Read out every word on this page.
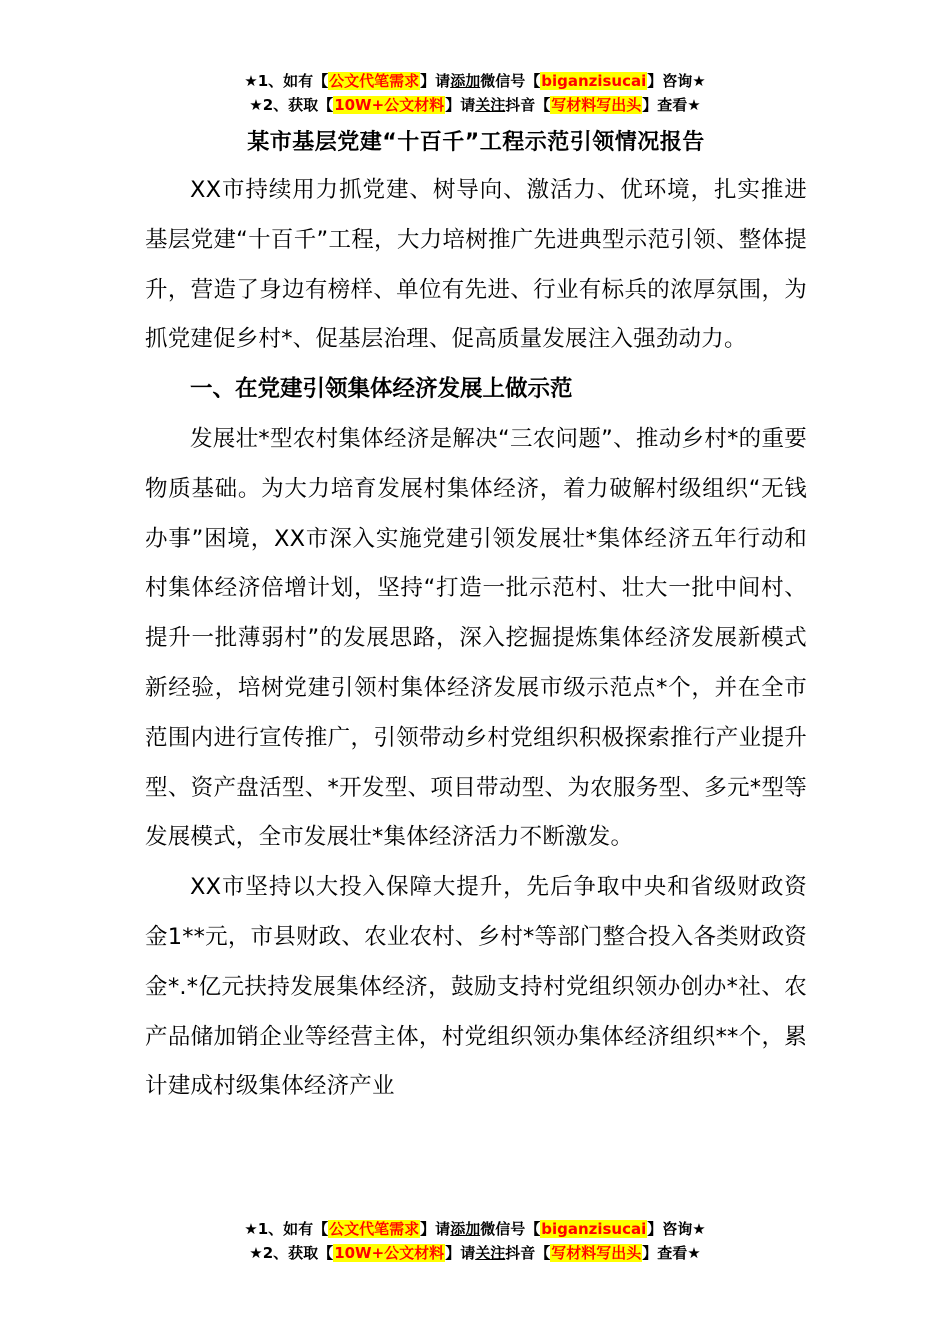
★1、如有【公文代笔需求】请添加微信号【biganzisucai】咨询★
★2、获取【10W+公文材料】请关注抖音【写材料写出头】查看★
某市基层党建“十百千”工程示范引领情况报告

XX市持续用力抓党建、树导向、激活力、优环境，扎实推进基层党建“十百千”工程，大力培树推广先进典型示范引领、整体提升，营造了身边有榜样、单位有先进、行业有标兵的浓厚氛围，为抓党建促乡村*、促基层治理、促高质量发展注入强劲动力。

一、在党建引领集体经济发展上做示范

发展壮*型农村集体经济是解决“三农问题”、推动乡村*的重要物质基础。为大力培育发展村集体经济，着力破解村级组织“无钱办事”困境，XX市深入实施党建引领发展壮*集体经济五年行动和村集体经济倍增计划，坚持“打造一批示范村、壮大一批中间村、提升一批薄弱村”的发展思路，深入挖掘提炼集体经济发展新模式新经验，培树党建引领村集体经济发展市级示范点*个，并在全市范围内进行宣传推广，引领带动乡村党组织积极探索推行产业提升型、资产盘活型、*开发型、项目带动型、为农服务型、多元*型等发展模式，全市发展壮*集体经济活力不断激发。

XX市坚持以大投入保障大提升，先后争取中央和省级财政资金1**元，市县财政、农业农村、乡村*等部门整合投入各类财政资金*.*亿元扶持发展集体经济，鼓励支持村党组织领办创办*社、农产品储加销企业等经营主体，村党组织领办集体经济组织**个，累计建成村级集体经济产业

★1、如有【公文代笔需求】请添加微信号【biganzisucai】咨询★
★2、获取【10W+公文材料】请关注抖音【写材料写出头】查看★
